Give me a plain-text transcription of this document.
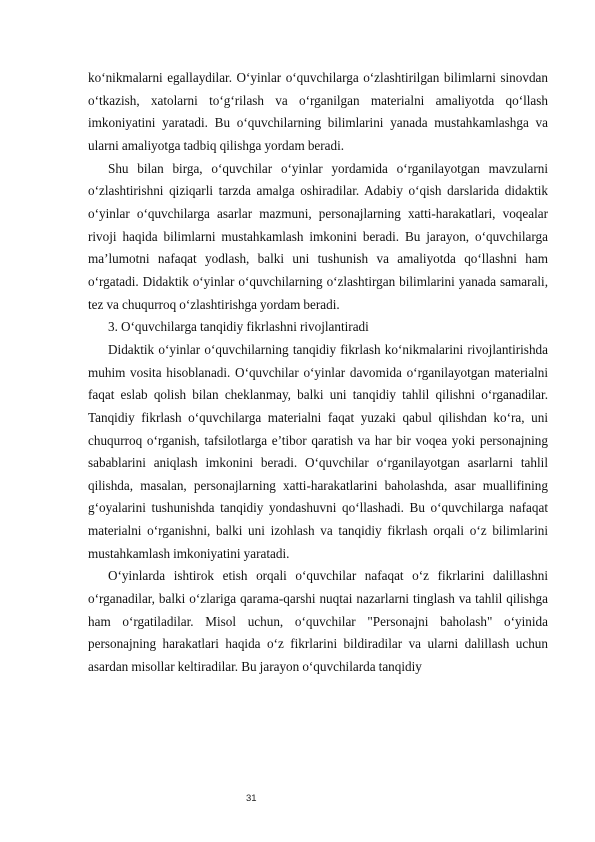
ko‘nikmalarni egallaydilar. O‘yinlar o‘quvchilarga o‘zlashtirilgan bilimlarni sinovdan o‘tkazish, xatolarni to‘g‘rilash va o‘rganilgan materialni amaliyotda qo‘llash imkoniyatini yaratadi. Bu o‘quvchilarning bilimlarini yanada mustahkamlashga va ularni amaliyotga tadbiq qilishga yordam beradi.

Shu bilan birga, o‘quvchilar o‘yinlar yordamida o‘rganilayotgan mavzularni o‘zlashtirishni qiziqarli tarzda amalga oshiradilar. Adabiy o‘qish darslarida didaktik o‘yinlar o‘quvchilarga asarlar mazmuni, personajlarning xatti-harakatlari, voqealar rivoji haqida bilimlarni mustahkamlash imkonini beradi. Bu jarayon, o‘quvchilarga ma’lumotni nafaqat yodlash, balki uni tushunish va amaliyotda qo‘llashni ham o‘rgatadi. Didaktik o‘yinlar o‘quvchilarning o‘zlashtirgan bilimlarini yanada samarali, tez va chuqurroq o‘zlashtirishga yordam beradi.

3. O‘quvchilarga tanqidiy fikrlashni rivojlantiradi

Didaktik o‘yinlar o‘quvchilarning tanqidiy fikrlash ko‘nikmalarini rivojlantirishda muhim vosita hisoblanadi. O‘quvchilar o‘yinlar davomida o‘rganilayotgan materialni faqat eslab qolish bilan cheklanmay, balki uni tanqidiy tahlil qilishni o‘rganadilar. Tanqidiy fikrlash o‘quvchilarga materialni faqat yuzaki qabul qilishdan ko‘ra, uni chuqurroq o‘rganish, tafsilotlarga e’tibor qaratish va har bir voqea yoki personajning sabablarini aniqlash imkonini beradi. O‘quvchilar o‘rganilayotgan asarlarni tahlil qilishda, masalan, personajlarning xatti-harakatlarini baholashda, asar muallifining g‘oyalarini tushunishda tanqidiy yondashuvni qo‘llashadi. Bu o‘quvchilarga nafaqat materialni o‘rganishni, balki uni izohlash va tanqidiy fikrlash orqali o‘z bilimlarini mustahkamlash imkoniyatini yaratadi.

O‘yinlarda ishtirok etish orqali o‘quvchilar nafaqat o‘z fikrlarini dalillashni o‘rganadilar, balki o‘zlariga qarama-qarshi nuqtai nazarlarni tinglash va tahlil qilishga ham o‘rgatiladilar. Misol uchun, o‘quvchilar "Personajni baholash" o‘yinida personajning harakatlari haqida o‘z fikrlarini bildiradilar va ularni dalillash uchun asardan misollar keltiradilar. Bu jarayon o‘quvchilarda tanqidiy

31
